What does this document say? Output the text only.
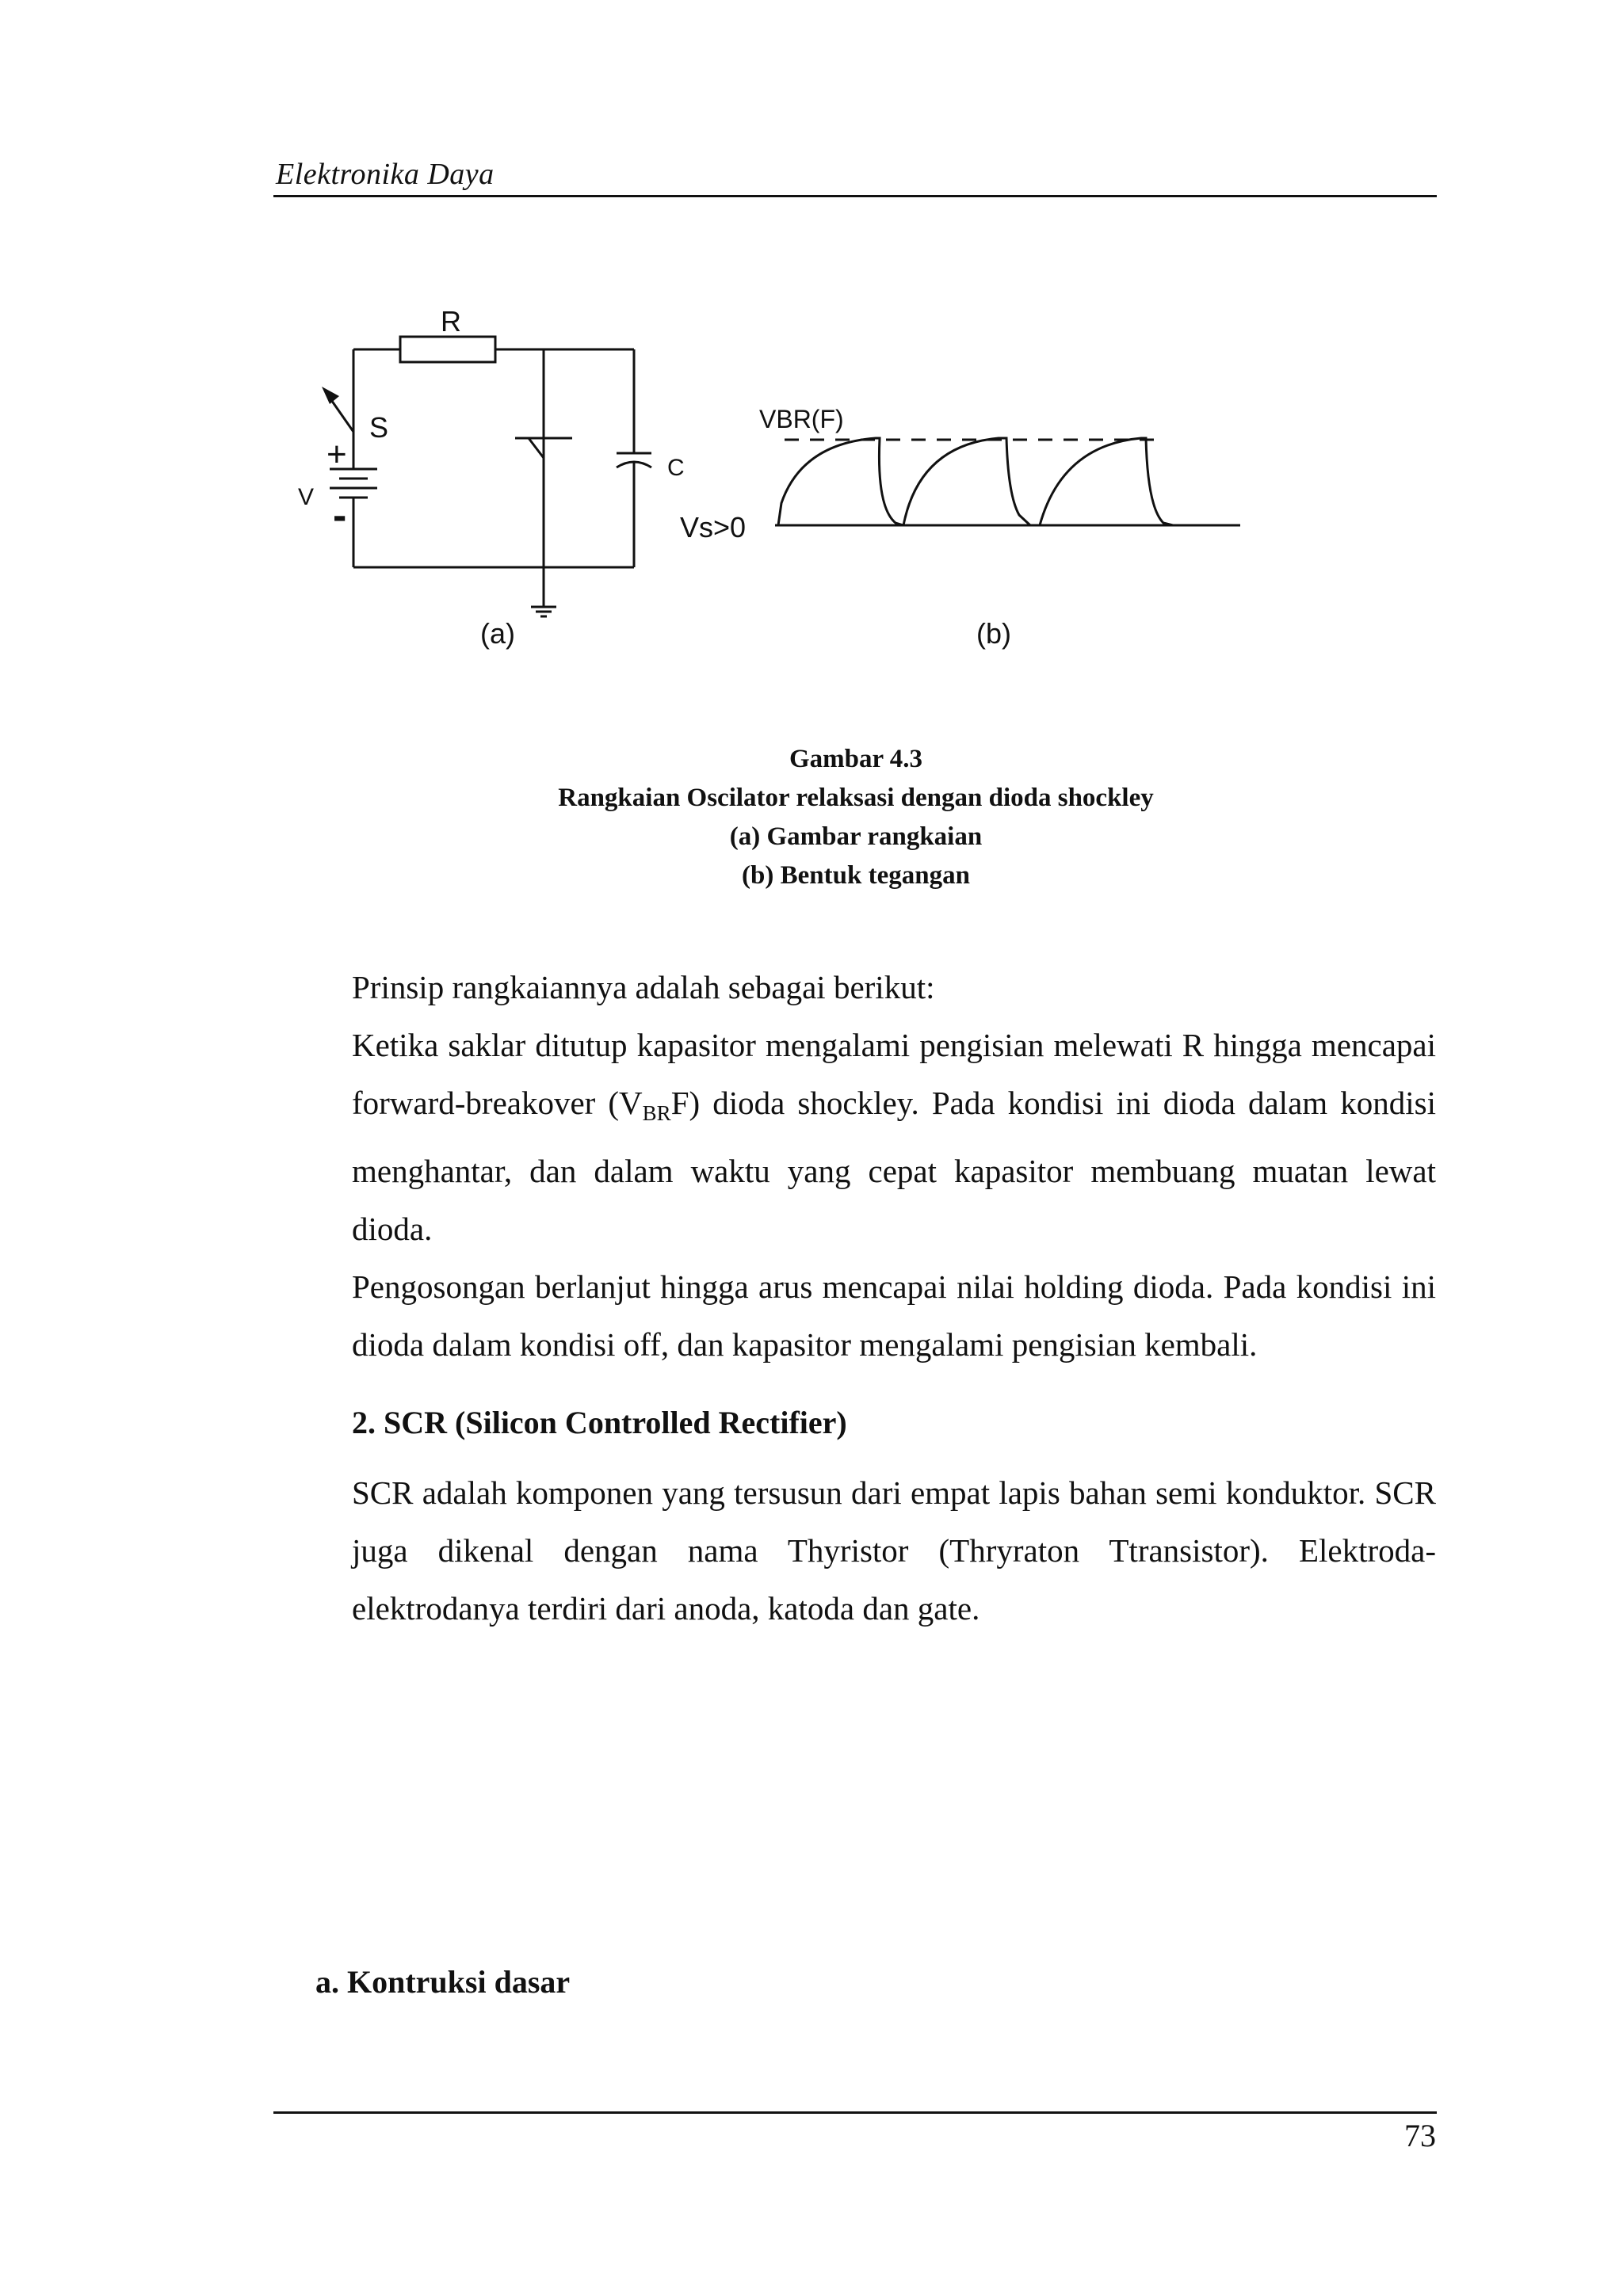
Elektronika Daya
R
S
+
V -
C
Vs>0
(a)
VBR(F)
(b)
Gambar 4.3
Rangkaian Oscilator relaksasi dengan dioda shockley
(a) Gambar rangkaian
(b) Bentuk tegangan
Prinsip rangkaiannya adalah sebagai berikut:
Ketika saklar ditutup kapasitor mengalami pengisian melewati R hingga mencapai
forward-breakover $(V_{BR}F)$ dioda shockley. Pada kondisi ini dioda dalam kondisi
menghantar, dan dalam waktu yang cepat kapasitor membuang muatan lewat dioda.
Pengosongan berlanjut hingga arus mencapai nilai holding dioda. Pada kondisi ini
dioda dalam kondisi off, dan kapasitor mengalami pengisian kembali.
2. SCR (Silicon Controlled Rectifier)
SCR adalah komponen yang tersusun dari empat lapis bahan semi konduktor. SCR
juga dikenal dengan nama Thyristor (Thryraton Ttransistor). Elektroda-
elektrodanya terdiri dari anoda, katoda dan gate.
a. Kontruksi dasar
73
